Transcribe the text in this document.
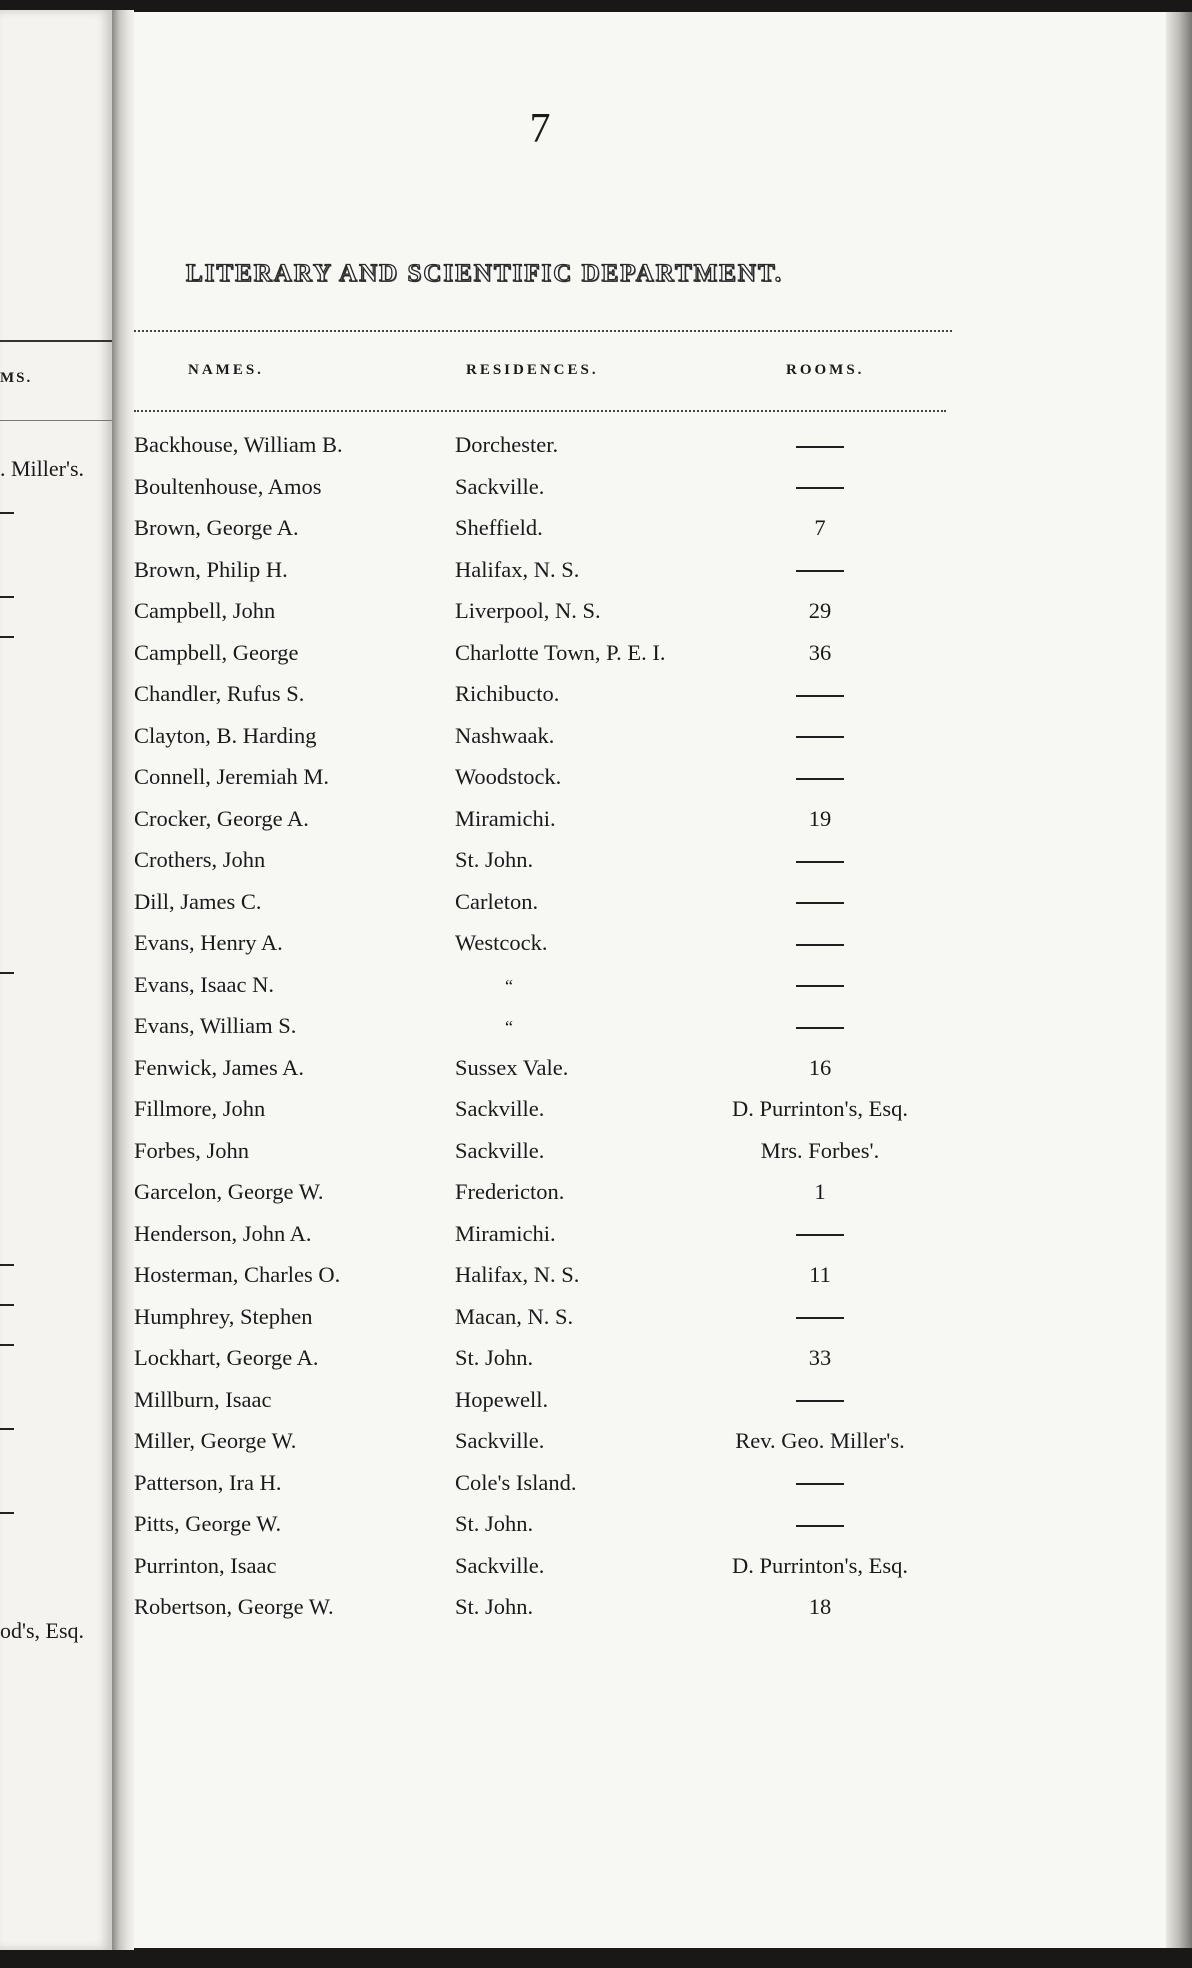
MS.
. Miller's.
od's, Esq.
7
LITERARY AND SCIENTIFIC DEPARTMENT.
NAMES.	RESIDENCES.	ROOMS.
Backhouse, William B.	Dorchester.
Boultenhouse, Amos	Sackville.
Brown, George A.	Sheffield.	7
Brown, Philip H.	Halifax, N. S.
Campbell, John	Liverpool, N. S.	29
Campbell, George	Charlotte Town, P. E. I.	36
Chandler, Rufus S.	Richibucto.
Clayton, B. Harding	Nashwaak.
Connell, Jeremiah M.	Woodstock.
Crocker, George A.	Miramichi.	19
Crothers, John	St. John.
Dill, James C.	Carleton.
Evans, Henry A.	Westcock.
Evans, Isaac N.	“
Evans, William S.	“
Fenwick, James A.	Sussex Vale.	16
Fillmore, John	Sackville.	D. Purrinton's, Esq.
Forbes, John	Sackville.	Mrs. Forbes'.
Garcelon, George W.	Fredericton.	1
Henderson, John A.	Miramichi.
Hosterman, Charles O.	Halifax, N. S.	11
Humphrey, Stephen	Macan, N. S.
Lockhart, George A.	St. John.	33
Millburn, Isaac	Hopewell.
Miller, George W.	Sackville.	Rev. Geo. Miller's.
Patterson, Ira H.	Cole's Island.
Pitts, George W.	St. John.
Purrinton, Isaac	Sackville.	D. Purrinton's, Esq.
Robertson, George W.	St. John.	18
